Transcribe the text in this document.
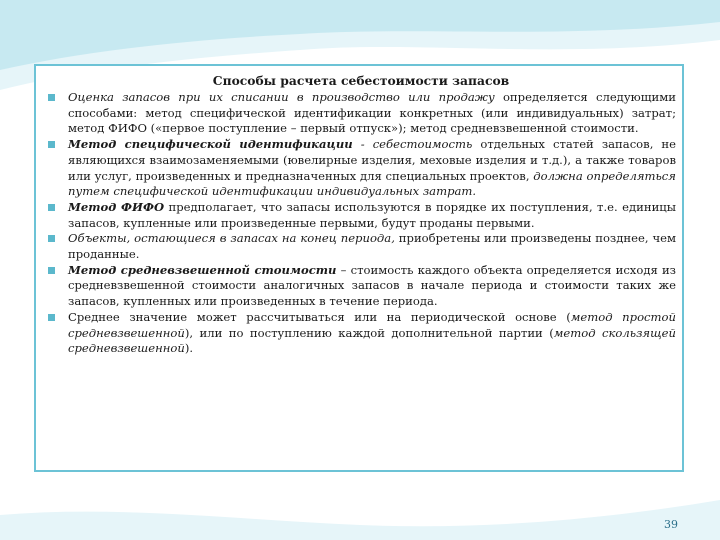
Способы расчета себестоимости запасов
Оценка запасов при их списании в производство или продажу определяется следующими способами: метод специфической идентификации конкретных (или индивидуальных) затрат; метод ФИФО («первое поступление – первый отпуск»); метод средневзвешенной стоимости.
Метод специфической идентификации - себестоимость отдельных статей запасов, не являющихся взаимозаменяемыми (ювелирные изделия, меховые изделия и т.д.), а также товаров или услуг, произведенных и предназначенных для специальных проектов, должна определяться путем специфической идентификации индивидуальных затрат.
Метод ФИФО предполагает, что запасы используются в порядке их поступления, т.е. единицы запасов, купленные или произведенные первыми, будут проданы первыми.
Объекты, остающиеся в запасах на конец периода, приобретены или произведены позднее, чем проданные.
Метод средневзвешенной стоимости – стоимость каждого объекта определяется исходя из средневзвешенной стоимости аналогичных запасов в начале периода и стоимости таких же запасов, купленных или произведенных в течение периода.
Среднее значение может рассчитываться или на периодической основе (метод простой средневзвешенной), или по поступлению каждой дополнительной партии (метод скользящей средневзвешенной).
39
